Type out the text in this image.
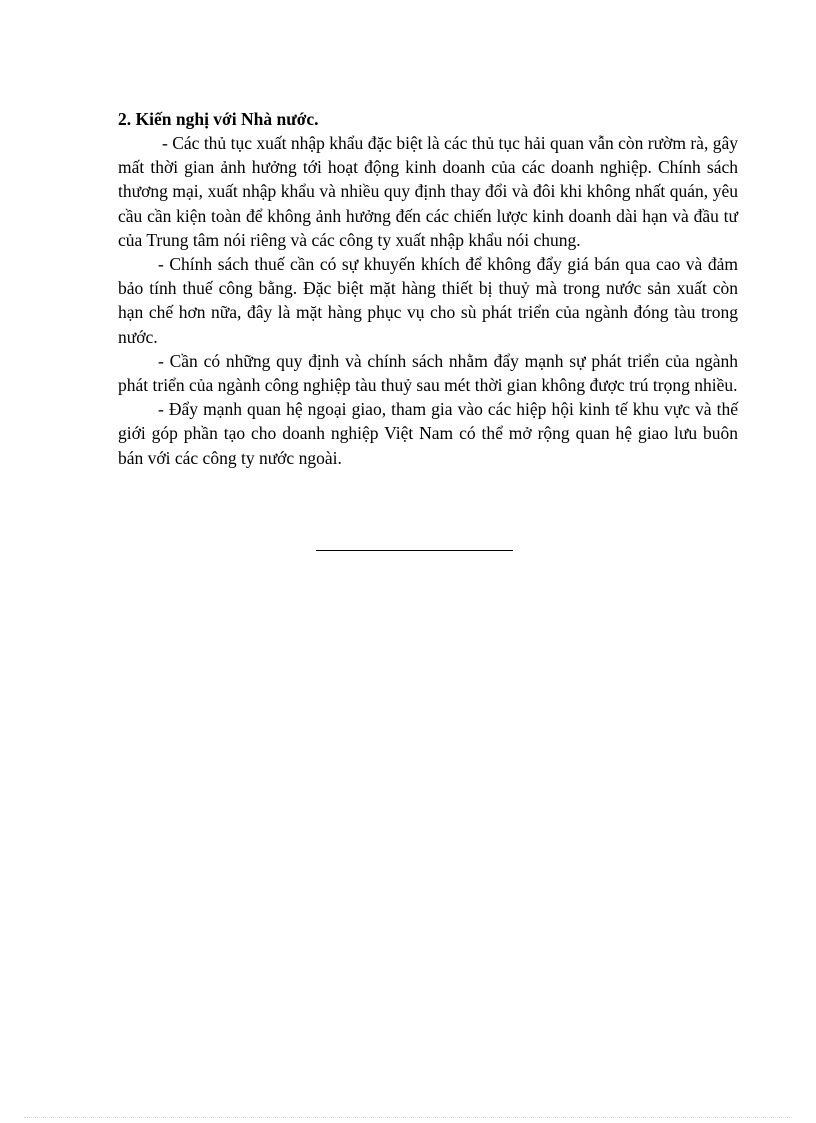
2. Kiến nghị với Nhà nước.

- Các thủ tục xuất nhập khẩu đặc biệt là các thủ tục hải quan vẫn còn rườm rà, gây mất thời gian ảnh hưởng tới hoạt động kinh doanh của các doanh nghiệp. Chính sách thương mại, xuất nhập khẩu và nhiều quy định thay đổi và đôi khi không nhất quán, yêu cầu cần kiện toàn để không ảnh hưởng đến các chiến lược kinh doanh dài hạn và đầu tư của Trung tâm nói riêng và các công ty xuất nhập khẩu nói chung.

- Chính sách thuế cần có sự khuyến khích để không đẩy giá bán qua cao và đảm bảo tính thuế công bằng. Đặc biệt mặt hàng thiết bị thuỷ mà trong nước sản xuất còn hạn chế hơn nữa, đây là mặt hàng phục vụ cho sù phát triển của ngành đóng tàu trong nước.

- Cần có những quy định và chính sách nhằm đẩy mạnh sự phát triển của ngành phát triển của ngành công nghiệp tàu thuỷ sau mét thời gian không được trú trọng nhiều.

- Đẩy mạnh quan hệ ngoại giao, tham gia vào các hiệp hội kinh tế khu vực và thế giới góp phần tạo cho doanh nghiệp Việt Nam có thể mở rộng quan hệ giao lưu buôn bán với các công ty nước ngoài.
